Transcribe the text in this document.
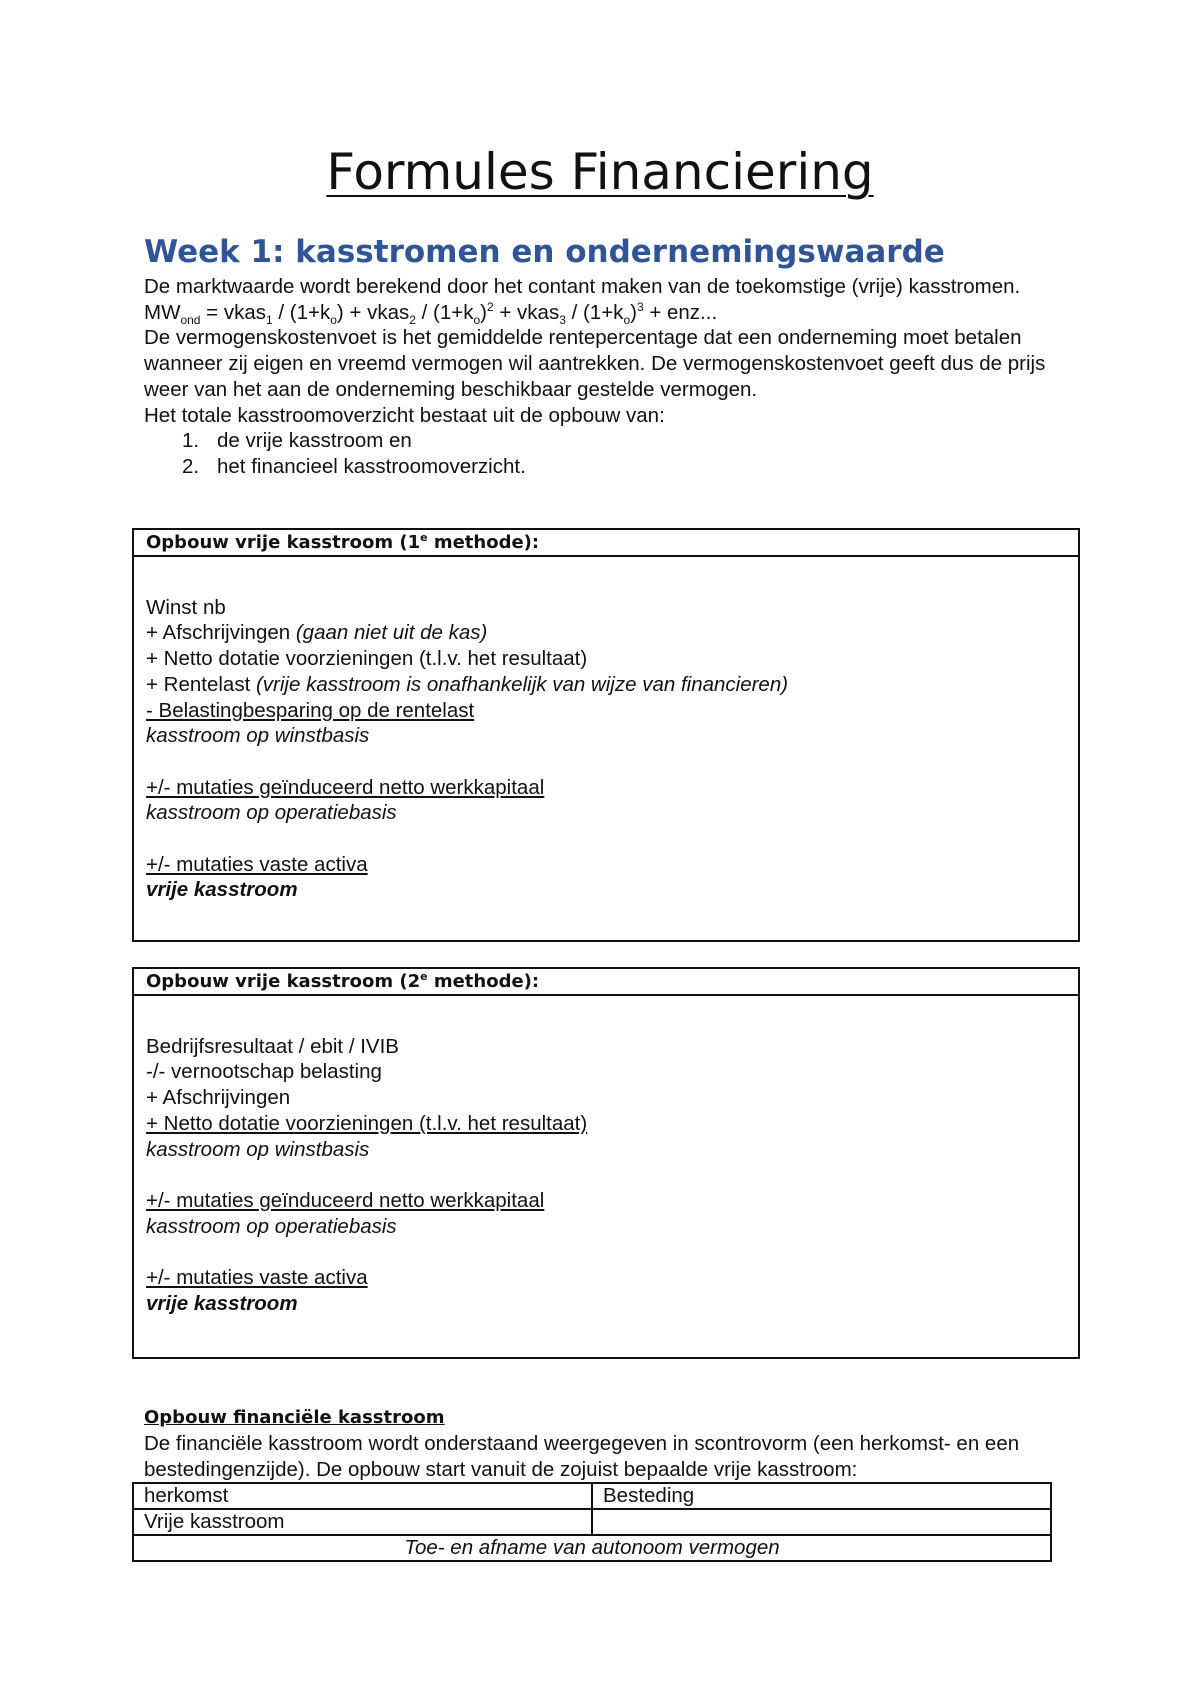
Formules Financiering
Week 1: kasstromen en ondernemingswaarde

De marktwaarde wordt berekend door het contant maken van de toekomstige (vrije) kasstromen.

$MW_{ond}$ = vkas$_1$ / $(1+k_o)$ + vkas$_2$ / $(1+k_o)^2$ + vkas$_3$ / $(1+k_o)^3$ + enz...

De vermogenskostenvoet is het gemiddelde rentepercentage dat een onderneming moet betalen wanneer zij eigen en vreemd vermogen wil aantrekken. De vermogenskostenvoet geeft dus de prijs weer van het aan de onderneming beschikbaar gestelde vermogen.

Het totale kasstroomoverzicht bestaat uit de opbouw van:

1. de vrije kasstroom en
2. het financieel kasstroomoverzicht.
Opbouw vrije kasstroom (1e methode):

Winst nb
+ Afschrijvingen (gaan niet uit de kas)
+ Netto dotatie voorzieningen (t.l.v. het resultaat)
+ Rentelast (vrije kasstroom is onafhankelijk van wijze van financieren)
- Belastingbesparing op de rentelast
kasstroom op winstbasis

+/- mutaties geïnduceerd netto werkkapitaal
kasstroom op operatiebasis

+/- mutaties vaste activa
vrije kasstroom
Opbouw vrije kasstroom (2e methode):

Bedrijfsresultaat / ebit / IVIB
-/- vernootschap belasting
+ Afschrijvingen
+ Netto dotatie voorzieningen (t.l.v. het resultaat)
kasstroom op winstbasis

+/- mutaties geïnduceerd netto werkkapitaal
kasstroom op operatiebasis

+/- mutaties vaste activa
vrije kasstroom
Opbouw financiële kasstroom

De financiële kasstroom wordt onderstaand weergegeven in scontrovorm (een herkomst- en een bestedingenzijde). De opbouw start vanuit de zojuist bepaalde vrije kasstroom:

herkomst	Besteding
Vrije kasstroom	
Toe- en afname van autonoom vermogen	
